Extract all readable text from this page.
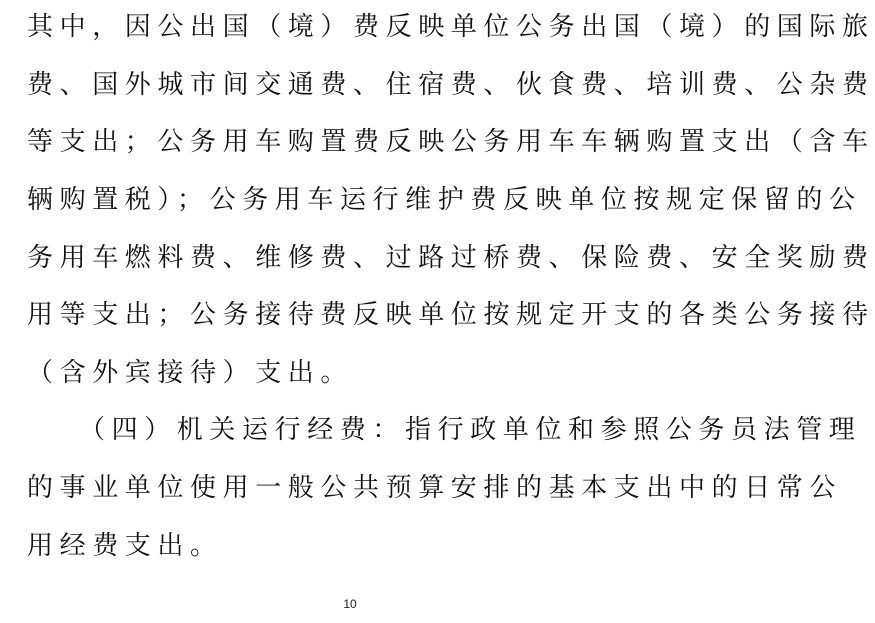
其中，因公出国（境）费反映单位公务出国（境）的国际旅
费、国外城市间交通费、住宿费、伙食费、培训费、公杂费
等支出；公务用车购置费反映公务用车车辆购置支出（含车
辆购置税）；公务用车运行维护费反映单位按规定保留的公
务用车燃料费、维修费、过路过桥费、保险费、安全奖励费
用等支出；公务接待费反映单位按规定开支的各类公务接待
（含外宾接待）支出。
（四）机关运行经费：指行政单位和参照公务员法管理
的事业单位使用一般公共预算安排的基本支出中的日常公
用经费支出。
10
